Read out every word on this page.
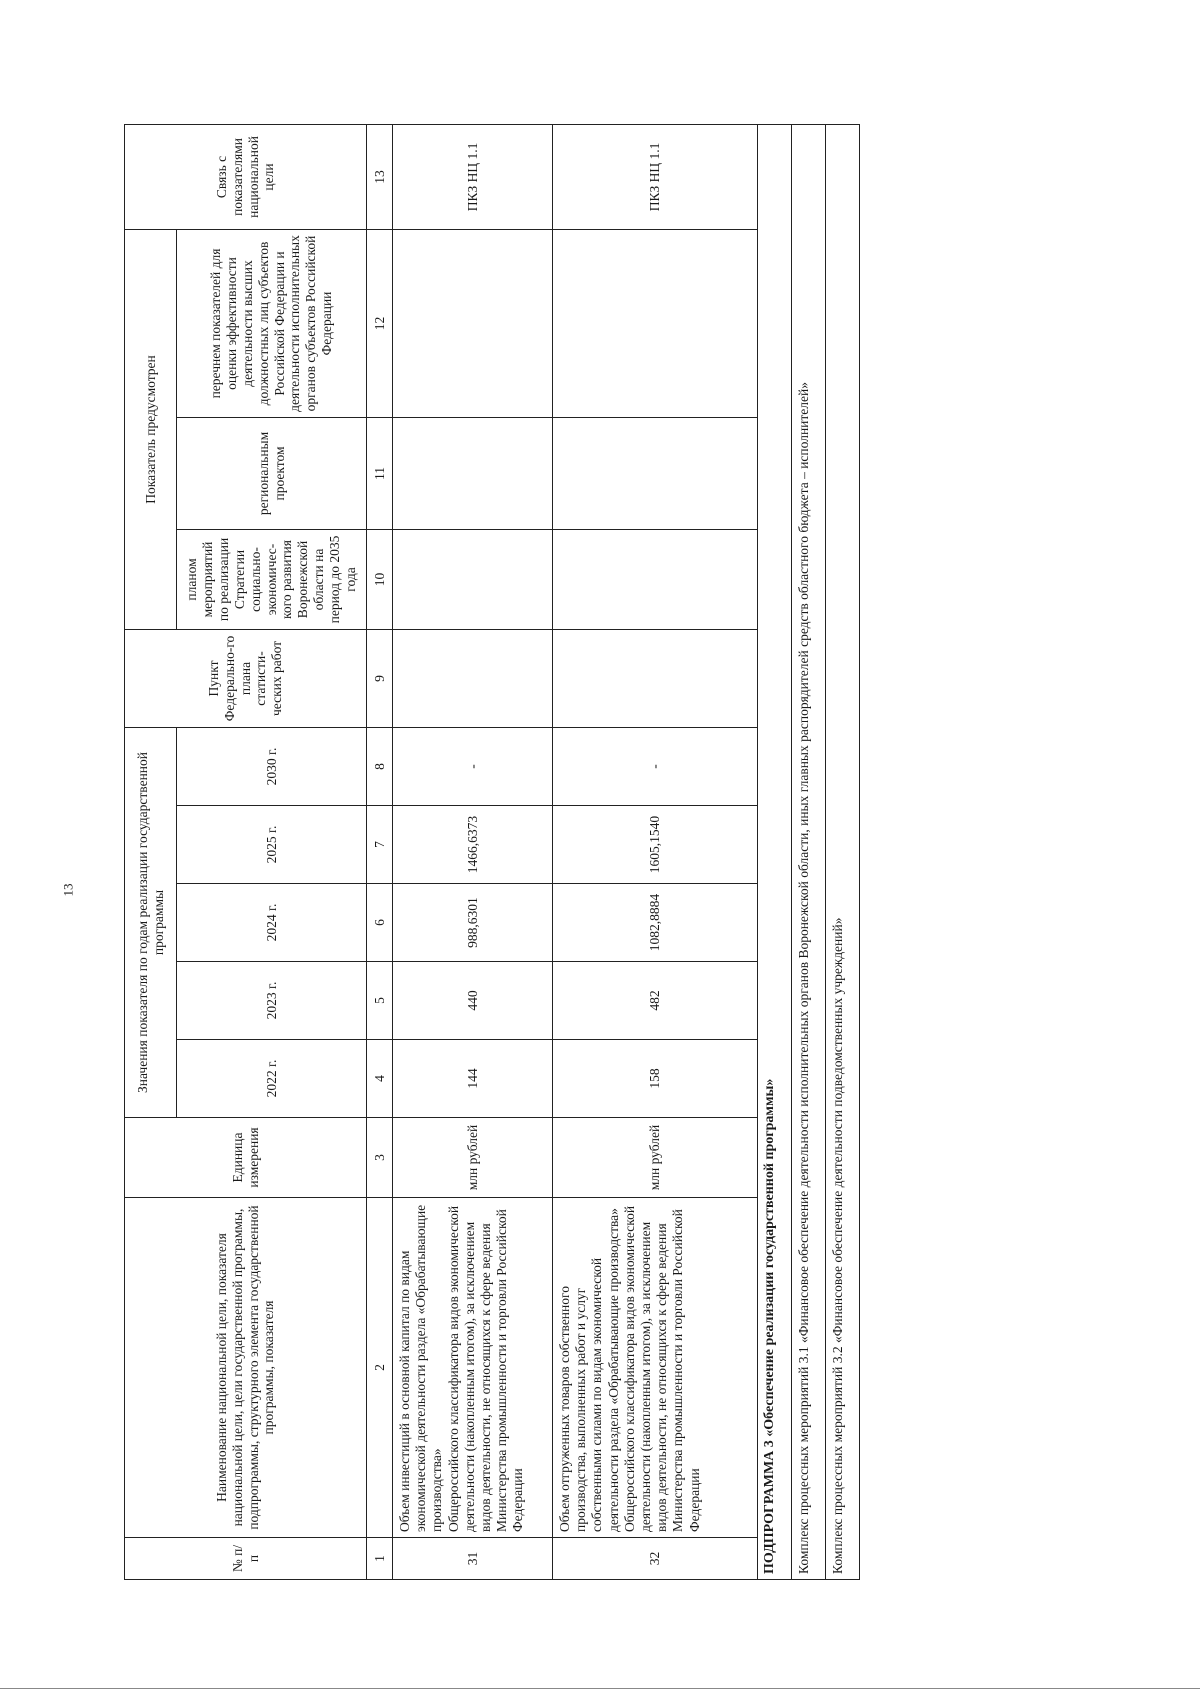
13
№ п/п	Наименование национальной цели, показателя национальной цели, цели государственной программы, подпрограммы, структурного элемента государственной программы, показателя	Единица измерения	Значения показателя по годам реализации государственной программы					Пункт Федерально-го плана статисти-ческих работ	Показатель предусмотрен			Связь с показателями национальной цели
			2022 г.	2023 г.	2024 г.	2025 г.	2030 г.		планом мероприятий по реализации Стратегии социально-экономичес-кого развития Воронежской области на период до 2035 года	региональным проектом	перечнем показателей для оценки эффективности деятельности высших должностных лиц субъектов Российской Федерации и деятельности исполнительных органов субъектов Российской Федерации	
1	2	3	4	5	6	7	8	9	10	11	12	13
31	Объем инвестиций в основной капитал по видам экономической деятельности раздела «Обрабатывающие производства» Общероссийского классификатора видов экономической деятельности (накопленным итогом), за исключением видов деятельности, не относящихся к сфере ведения Министерства промышленности и торговли Российской Федерации	млн рублей	144	440	988,6301	1466,6373	-					ПКЗ НЦ 1.1
32	Объем отгруженных товаров собственного производства, выполненных работ и услуг собственными силами по видам экономической деятельности раздела «Обрабатывающие производства» Общероссийского классификатора видов экономической деятельности (накопленным итогом), за исключением видов деятельности, не относящихся к сфере ведения Министерства промышленности и торговли Российской Федерации	млн рублей	158	482	1082,8884	1605,1540	-					ПКЗ НЦ 1.1
ПОДПРОГРАММА 3 «Обеспечение реализации государственной программы»												
Комплекс процессных мероприятий 3.1 «Финансовое обеспечение деятельности исполнительных органов Воронежской области, иных главных распорядителей средств областного бюджета – исполнителей»												
Комплекс процессных мероприятий 3.2 «Финансовое обеспечение деятельности подведомственных учреждений»												
